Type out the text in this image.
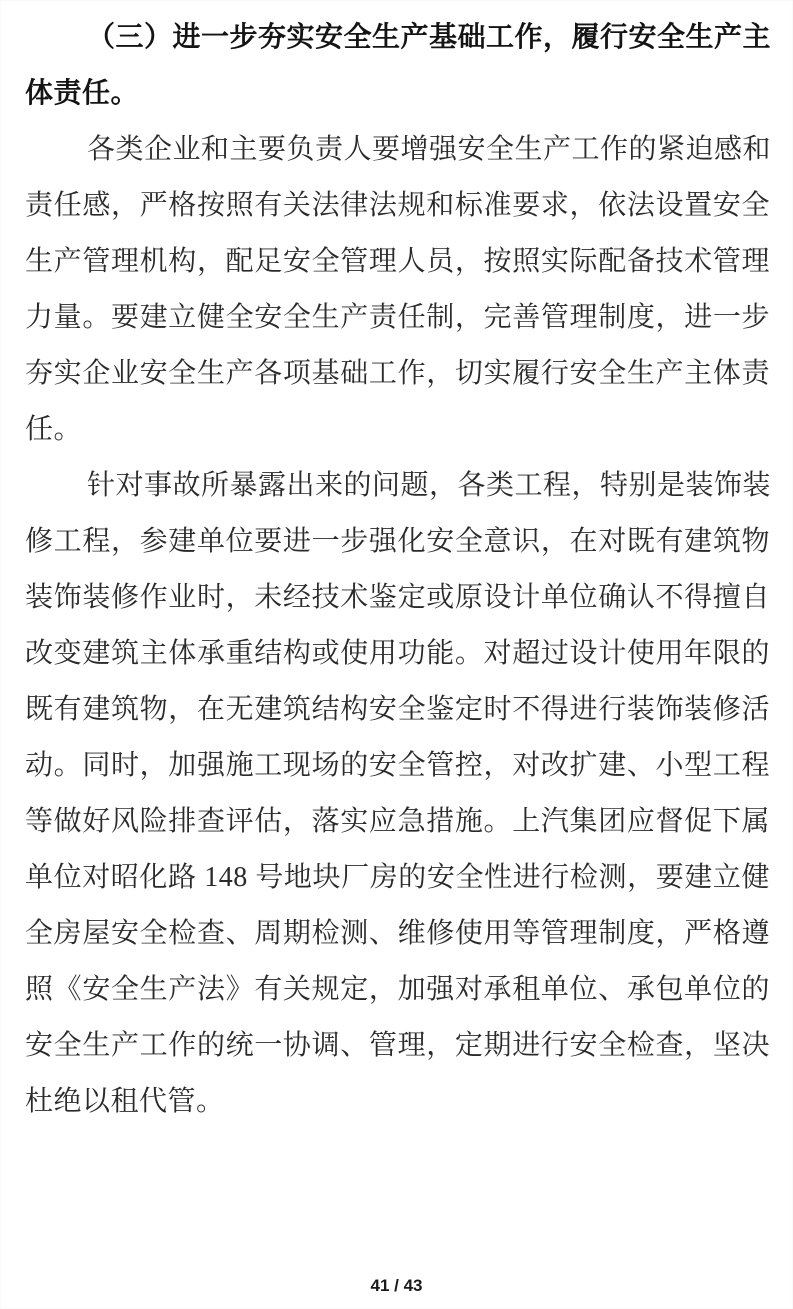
（三）进一步夯实安全生产基础工作，履行安全生产主
体责任。
各类企业和主要负责人要增强安全生产工作的紧迫感和
责任感，严格按照有关法律法规和标准要求，依法设置安全
生产管理机构，配足安全管理人员，按照实际配备技术管理
力量。要建立健全安全生产责任制，完善管理制度，进一步
夯实企业安全生产各项基础工作，切实履行安全生产主体责
任。
针对事故所暴露出来的问题，各类工程，特别是装饰装
修工程，参建单位要进一步强化安全意识，在对既有建筑物
装饰装修作业时，未经技术鉴定或原设计单位确认不得擅自
改变建筑主体承重结构或使用功能。对超过设计使用年限的
既有建筑物，在无建筑结构安全鉴定时不得进行装饰装修活
动。同时，加强施工现场的安全管控，对改扩建、小型工程
等做好风险排查评估，落实应急措施。上汽集团应督促下属
单位对昭化路 148 号地块厂房的安全性进行检测，要建立健
全房屋安全检查、周期检测、维修使用等管理制度，严格遵
照《安全生产法》有关规定，加强对承租单位、承包单位的
安全生产工作的统一协调、管理，定期进行安全检查，坚决
杜绝以租代管。
41 / 43
